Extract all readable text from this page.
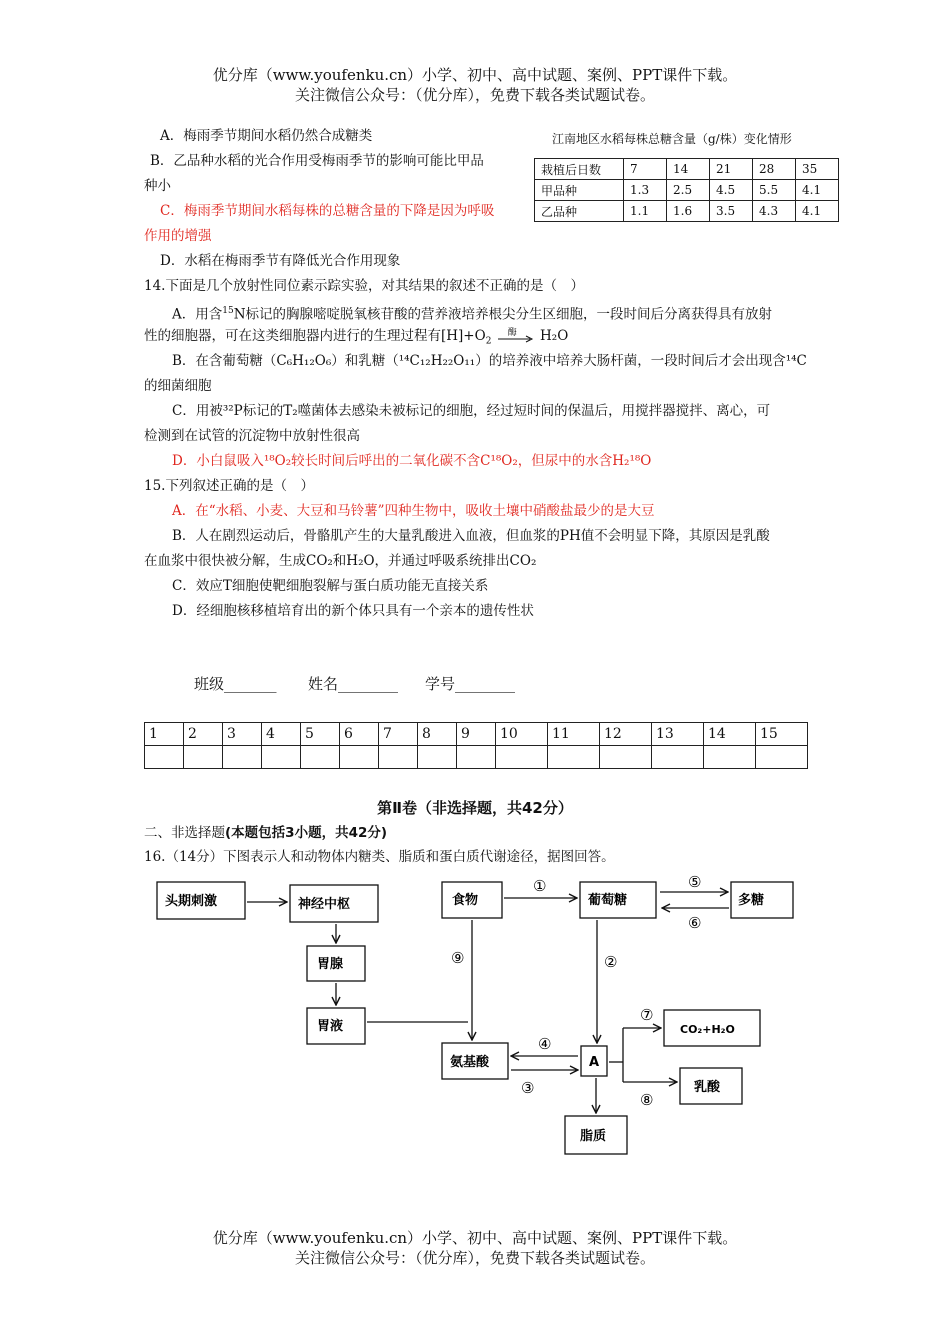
优分库（www.youfenku.cn）小学、初中、高中试题、案例、PPT课件下载。
关注微信公众号：（优分库），免费下载各类试题试卷。
A．梅雨季节期间水稻仍然合成糖类
B．乙品种水稻的光合作用受梅雨季节的影响可能比甲品
种小
C．梅雨季节期间水稻每株的总糖含量的下降是因为呼吸
作用的增强
D．水稻在梅雨季节有降低光合作用现象
江南地区水稻每株总糖含量（g/株）变化情形
栽植后日数	7	14	21	28	35
甲品种	1.3	2.5	4.5	5.5	4.1
乙品种	1.1	1.6	3.5	4.3	4.1
14.下面是几个放射性同位素示踪实验，对其结果的叙述不正确的是（　）
A．用含$^{15}$N标记的胸腺嘧啶脱氧核苷酸的营养液培养根尖分生区细胞，一段时间后分离获得具有放射
性的细胞器，可在这类细胞器内进行的生理过程有$[H]+O_2$
酶 H₂O
B．在含葡萄糖（C₆H₁₂O₆）和乳糖（¹⁴C₁₂H₂₂O₁₁）的培养液中培养大肠杆菌，一段时间后才会出现含¹⁴C
的细菌细胞
C．用被³²P标记的T₂噬菌体去感染未被标记的细胞，经过短时间的保温后，用搅拌器搅拌、离心，可
检测到在试管的沉淀物中放射性很高
D．小白鼠吸入¹⁸O₂较长时间后呼出的二氧化碳不含C¹⁸O₂，但尿中的水含H₂¹⁸O
15.下列叙述正确的是（　）
A．在“水稻、小麦、大豆和马铃薯”四种生物中，吸收土壤中硝酸盐最少的是大豆
B．人在剧烈运动后，骨骼肌产生的大量乳酸进入血液，但血浆的PH值不会明显下降，其原因是乳酸
在血浆中很快被分解，生成CO₂和H₂O，并通过呼吸系统排出CO₂
C．效应T细胞使靶细胞裂解与蛋白质功能无直接关系
D．经细胞核移植培育出的新个体只具有一个亲本的遗传性状
班级_______ 姓名________ 学号________
1	2	3	4	5	6	7	8	9	10	11	12	13	14	15

第Ⅱ卷（非选择题，共42分）
二、非选择题(本题包括3小题，共42分)
16.（14分）下图表示人和动物体内糖类、脂质和蛋白质代谢途径，据图回答。
头期刺激	神经中枢
胃腺
胃液
食物	葡萄糖	多糖
氨基酸	A
CO₂+H₂O
乳酸
脂质
①
②
③
④
⑤
⑥
⑦
⑧
⑨
优分库（www.youfenku.cn）小学、初中、高中试题、案例、PPT课件下载。
关注微信公众号：（优分库），免费下载各类试题试卷。
